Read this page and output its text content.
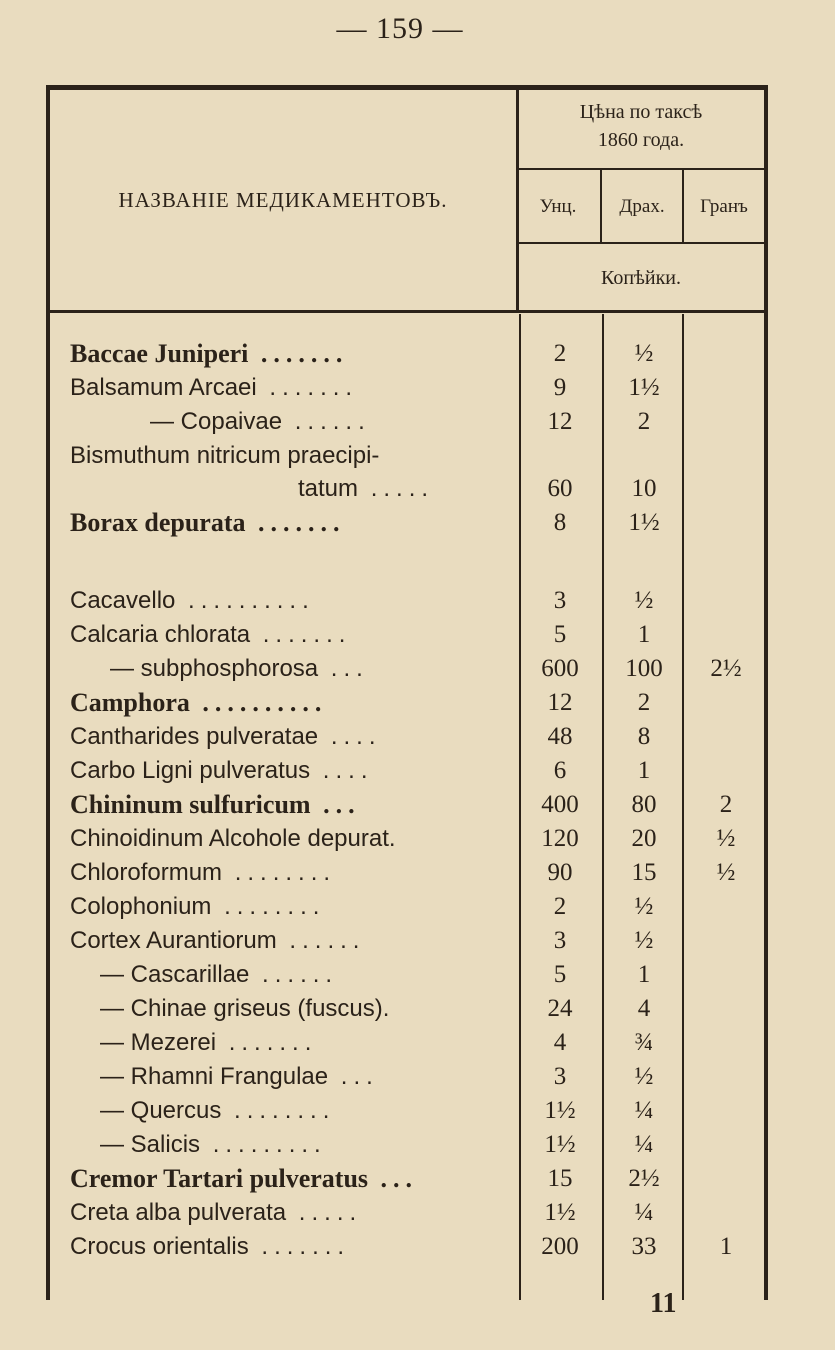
— 159 —
НАЗВАНІЕ МЕДИКАМЕНТОВЪ.
Цѣна по таксѣ
1860 года.
Унц.	Драх.	Гранъ
Копѣйки.
Baccae Juniperi .......	2	½
Balsamum Arcaei .......	9	1½
— Copaivae ......	12	2
Bismuthum nitricum praecipi-
tatum .....	60	10
Borax depurata .......	8	1½
Cacavello ..........	3	½
Calcaria chlorata .......	5	1
— subphosphorosa ...	600	100	2½
Camphora ..........	12	2
Cantharides pulveratae ....	48	8
Carbo Ligni pulveratus ....	6	1
Chininum sulfuricum ...	400	80	2
Chinoidinum Alcohole depurat.	120	20	½
Chloroformum ........	90	15	½
Colophonium ........	2	½
Cortex Aurantiorum ......	3	½
— Cascarillae ......	5	1
— Chinae griseus (fuscus).	24	4
— Mezerei .......	4	¾
— Rhamni Frangulae ...	3	½
— Quercus ........	1½	¼
— Salicis .........	1½	¼
Cremor Tartari pulveratus ...	15	2½
Creta alba pulverata .....	1½	¼
Crocus orientalis .......	200	33	1
11
